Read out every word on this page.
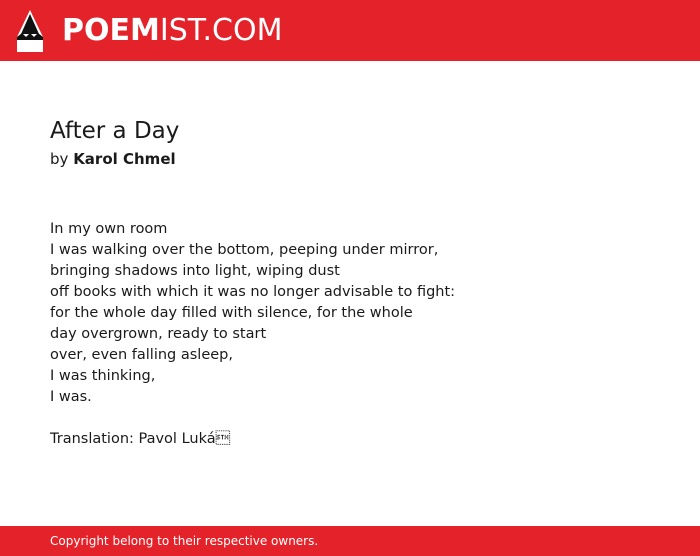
POEMIST.COM
After a Day
by Karol Chmel
In my own room
I was walking over the bottom, peeping under mirror,
bringing shadows into light, wiping dust
off books with which it was no longer advisable to fight:
for the whole day filled with silence, for the whole
day overgrown, ready to start
over, even falling asleep,
I was thinking,
I was.
Translation: Pavol Luká
Copyright belong to their respective owners.
